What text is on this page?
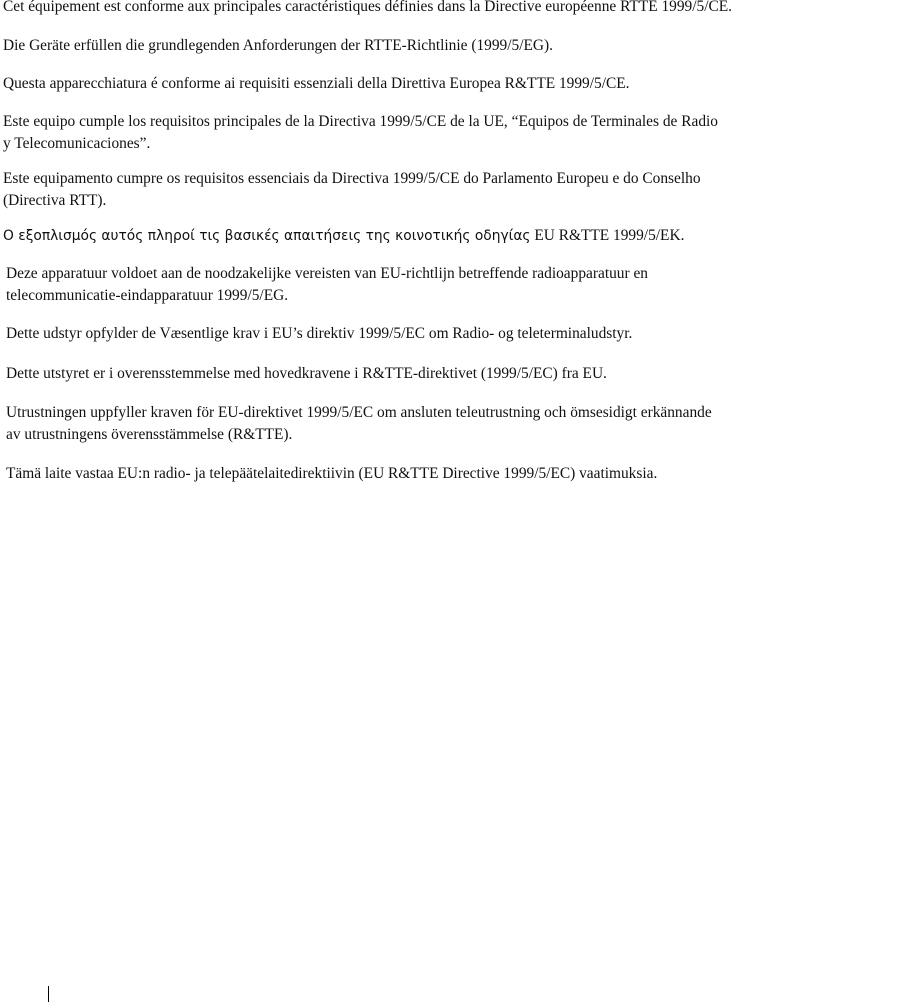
Cet équipement est conforme aux principales caractéristiques définies dans la Directive européenne RTTE 1999/5/CE.

Die Geräte erfüllen die grundlegenden Anforderungen der RTTE-Richtlinie (1999/5/EG).

Questa apparecchiatura é conforme ai requisiti essenziali della Direttiva Europea R&TTE 1999/5/CE.

Este equipo cumple los requisitos principales de la Directiva 1999/5/CE de la UE, “Equipos de Terminales de Radio
y Telecomunicaciones”.

Este equipamento cumpre os requisitos essenciais da Directiva 1999/5/CE do Parlamento Europeu e do Conselho
(Directiva RTT).

Ο εξοπλισμός αυτός πληροί τις βασικές απαιτήσεις της κοινοτικής οδηγίας EU R&TTE 1999/5/EK.

Deze apparatuur voldoet aan de noodzakelijke vereisten van EU-richtlijn betreffende radioapparatuur en
telecommunicatie-eindapparatuur 1999/5/EG.

Dette udstyr opfylder de Væsentlige krav i EU’s direktiv 1999/5/EC om Radio- og teleterminaludstyr.

Dette utstyret er i overensstemmelse med hovedkravene i R&TTE-direktivet (1999/5/EC) fra EU.

Utrustningen uppfyller kraven för EU-direktivet 1999/5/EC om ansluten teleutrustning och ömsesidigt erkännande
av utrustningens överensstämmelse (R&TTE).

Tämä laite vastaa EU:n radio- ja telepäätelaitedirektiivin (EU R&TTE Directive 1999/5/EC) vaatimuksia.
